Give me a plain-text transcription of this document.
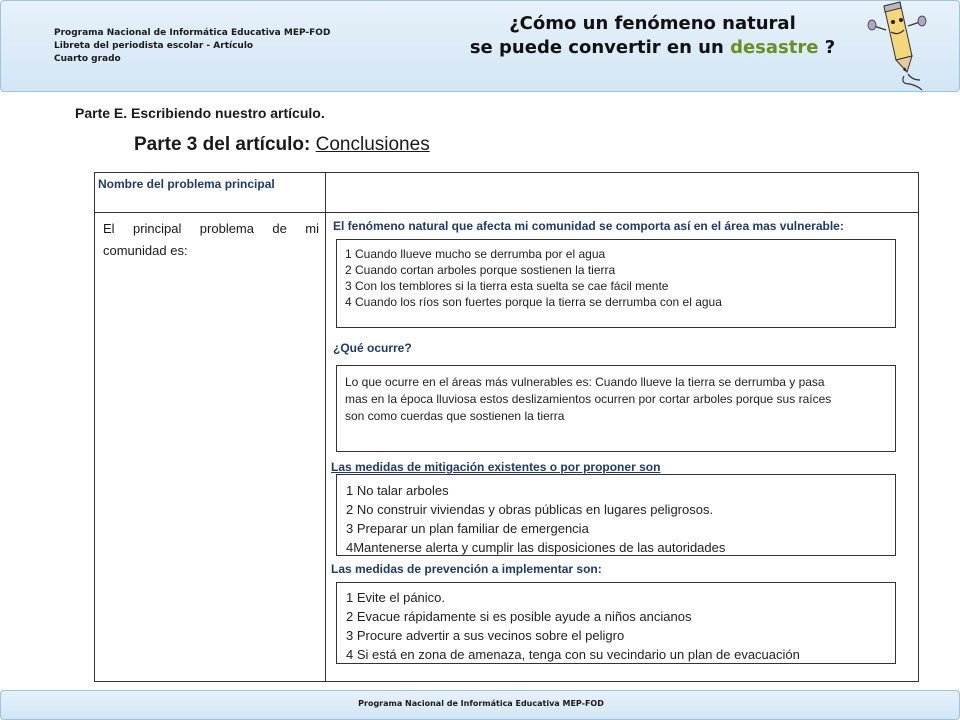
Programa Nacional de Informática Educativa MEP-FOD
Libreta del periodista escolar - Artículo
Cuarto grado
¿Cómo un fenómeno natural
se puede convertir en un desastre ?
Parte E. Escribiendo nuestro artículo.
Parte 3 del artículo: Conclusiones
Nombre del problema principal
El principal problema de mi comunidad es:
El fenómeno natural que afecta mi comunidad se comporta así en el área mas vulnerable:
1 Cuando llueve mucho se derrumba por el agua
2 Cuando cortan arboles porque sostienen la tierra
3 Con los temblores si la tierra esta suelta se cae fácil mente
4 Cuando los ríos son fuertes porque la tierra se derrumba con el agua
¿Qué ocurre?
Lo que ocurre en el áreas más vulnerables es: Cuando llueve la tierra se derrumba y pasa
mas en la época lluviosa estos deslizamientos ocurren por cortar arboles porque sus raíces
son como cuerdas que sostienen la tierra
Las medidas de mitigación existentes o por proponer son
1 No talar arboles
2 No construir viviendas y obras públicas en lugares peligrosos.
3 Preparar un plan familiar de emergencia
4Mantenerse alerta y cumplir las disposiciones de las autoridades
Las medidas de prevención a implementar son:
1 Evite el pánico.
2 Evacue rápidamente si es posible ayude a niños ancianos
3 Procure advertir a sus vecinos sobre el peligro
4 Si está en zona de amenaza, tenga con su vecindario un plan de evacuación
Programa Nacional de Informática Educativa MEP-FOD
